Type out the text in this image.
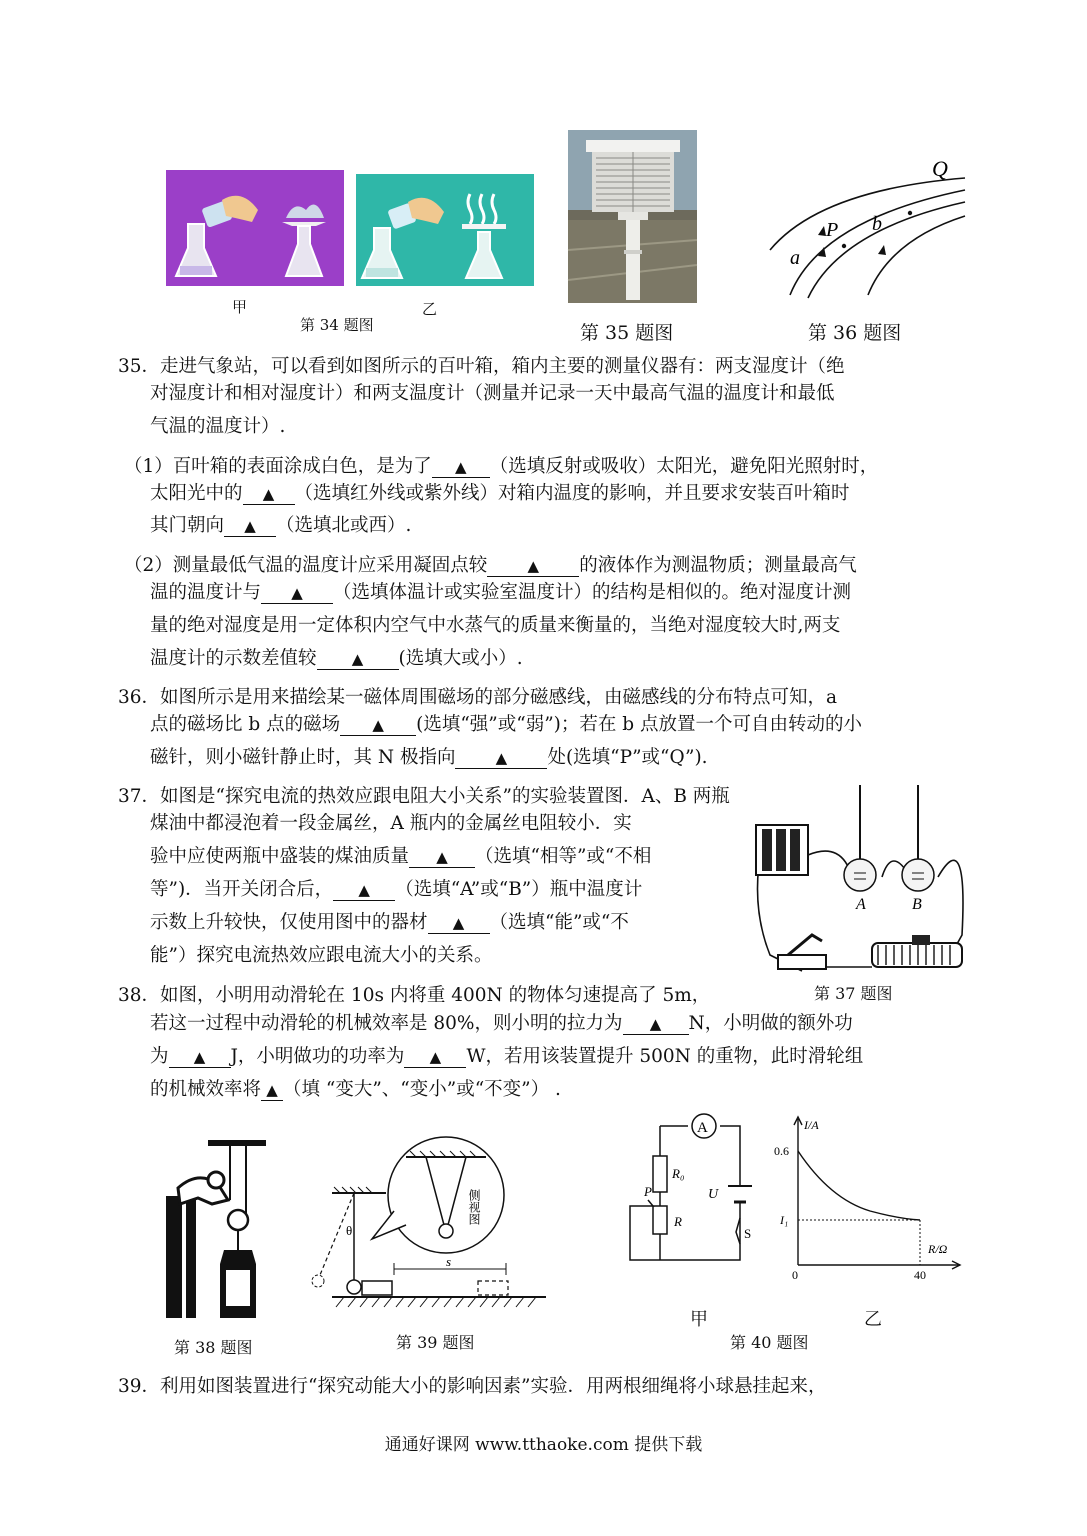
甲	乙
第 34 题图	第 35 题图
Q
P
a
b
第 36 题图
35．走进气象站，可以看到如图所示的百叶箱，箱内主要的测量仪器有：两支湿度计（绝
对湿度计和相对湿度计）和两支温度计（测量并记录一天中最高气温的温度计和最低
气温的温度计）.
（1）百叶箱的表面涂成白色，是为了 ▲ （选填反射或吸收）太阳光，避免阳光照射时，
太阳光中的 ▲ （选填红外线或紫外线）对箱内温度的影响，并且要求安装百叶箱时
其门朝向 ▲ （选填北或西）.
（2）测量最低气温的温度计应采用凝固点较	▲ 的液体作为测温物质；测量最高气
温的温度计与 ▲ （选填体温计或实验室温度计）的结构是相似的。绝对湿度计测
量的绝对湿度是用一定体积内空气中水蒸气的质量来衡量的，当绝对湿度较大时,两支
温度计的示数差值较 ▲ (选填大或小）.
36．如图所示是用来描绘某一磁体周围磁场的部分磁感线，由磁感线的分布特点可知，a
点的磁场比 b 点的磁场 ▲ (选填“强”或“弱”)；若在 b 点放置一个可自由转动的小
磁针，则小磁针静止时，其 N 极指向	▲ 处(选填“P”或“Q”).
37．如图是“探究电流的热效应跟电阻大小关系”的实验装置图．A、B 两瓶
煤油中都浸泡着一段金属丝，A 瓶内的金属丝电阻较小．实
验中应使两瓶中盛装的煤油质量 ▲ （选填“相等”或“不相
等”)．当开关闭合后， ▲ （选填“A”或“B”）瓶中温度计
示数上升较快，仅使用图中的器材 ▲ （选填“能”或“不
能”）探究电流热效应跟电流大小的关系。
A	B
第 37 题图
38．如图，小明用动滑轮在 10s 内将重 400N 的物体匀速提高了 5m，
若这一过程中动滑轮的机械效率是 80%，则小明的拉力为 ▲ N，小明做的额外功
为 ▲ J，小明做功的功率为 ▲ W，若用该装置提升 500N 的重物，此时滑轮组
的机械效率将 ▲ （填 “变大”、“变小”或“不变”） .
第 38 题图
θ
s
侧视图
第 39 题图
A
R₀
R
P	U
S
I/A
0.6
I₁
R/Ω
0	40
甲	乙
第 40 题图
39．利用如图装置进行“探究动能大小的影响因素”实验．用两根细绳将小球悬挂起来，
通通好课网 www.tthaoke.com 提供下载
